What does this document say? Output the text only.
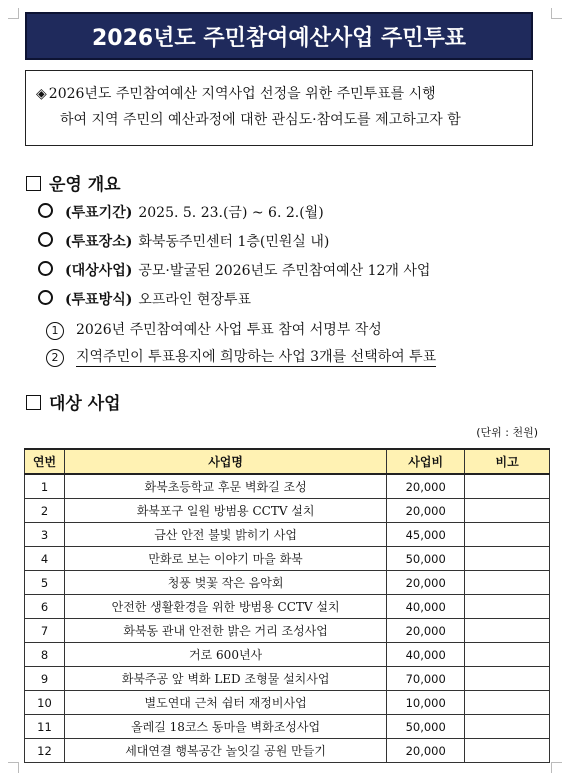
2026년도 주민참여예산사업 주민투표
◈ 2026년도 주민참여예산 지역사업 선정을 위한 주민투표를 시행
하여 지역 주민의 예산과정에 대한 관심도·참여도를 제고하고자 함
운영 개요
(투표기간) 2025. 5. 23.(금) ~ 6. 2.(월)
(투표장소) 화북동주민센터 1층(민원실 내)
(대상사업) 공모·발굴된 2026년도 주민참여예산 12개 사업
(투표방식) 오프라인 현장투표
1 2026년 주민참여예산 사업 투표 참여 서명부 작성
2 지역주민이 투표용지에 희망하는 사업 3개를 선택하여 투표
대상 사업
(단위 : 천원)
연번	사업명	사업비	비고
1	화북초등학교 후문 벽화길 조성	20,000	
2	화북포구 일원 방범용 CCTV 설치	20,000	
3	금산 안전 불빛 밝히기 사업	45,000	
4	만화로 보는 이야기 마을 화북	50,000	
5	청풍 벚꽃 작은 음악회	20,000	
6	안전한 생활환경을 위한 방범용 CCTV 설치	40,000	
7	화북동 관내 안전한 밝은 거리 조성사업	20,000	
8	거로 600년사	40,000	
9	화북주공 앞 벽화 LED 조형물 설치사업	70,000	
10	별도연대 근처 쉼터 재정비사업	10,000	
11	올레길 18코스 동마을 벽화조성사업	50,000	
12	세대연결 행복공간 놀잇길 공원 만들기	20,000	
